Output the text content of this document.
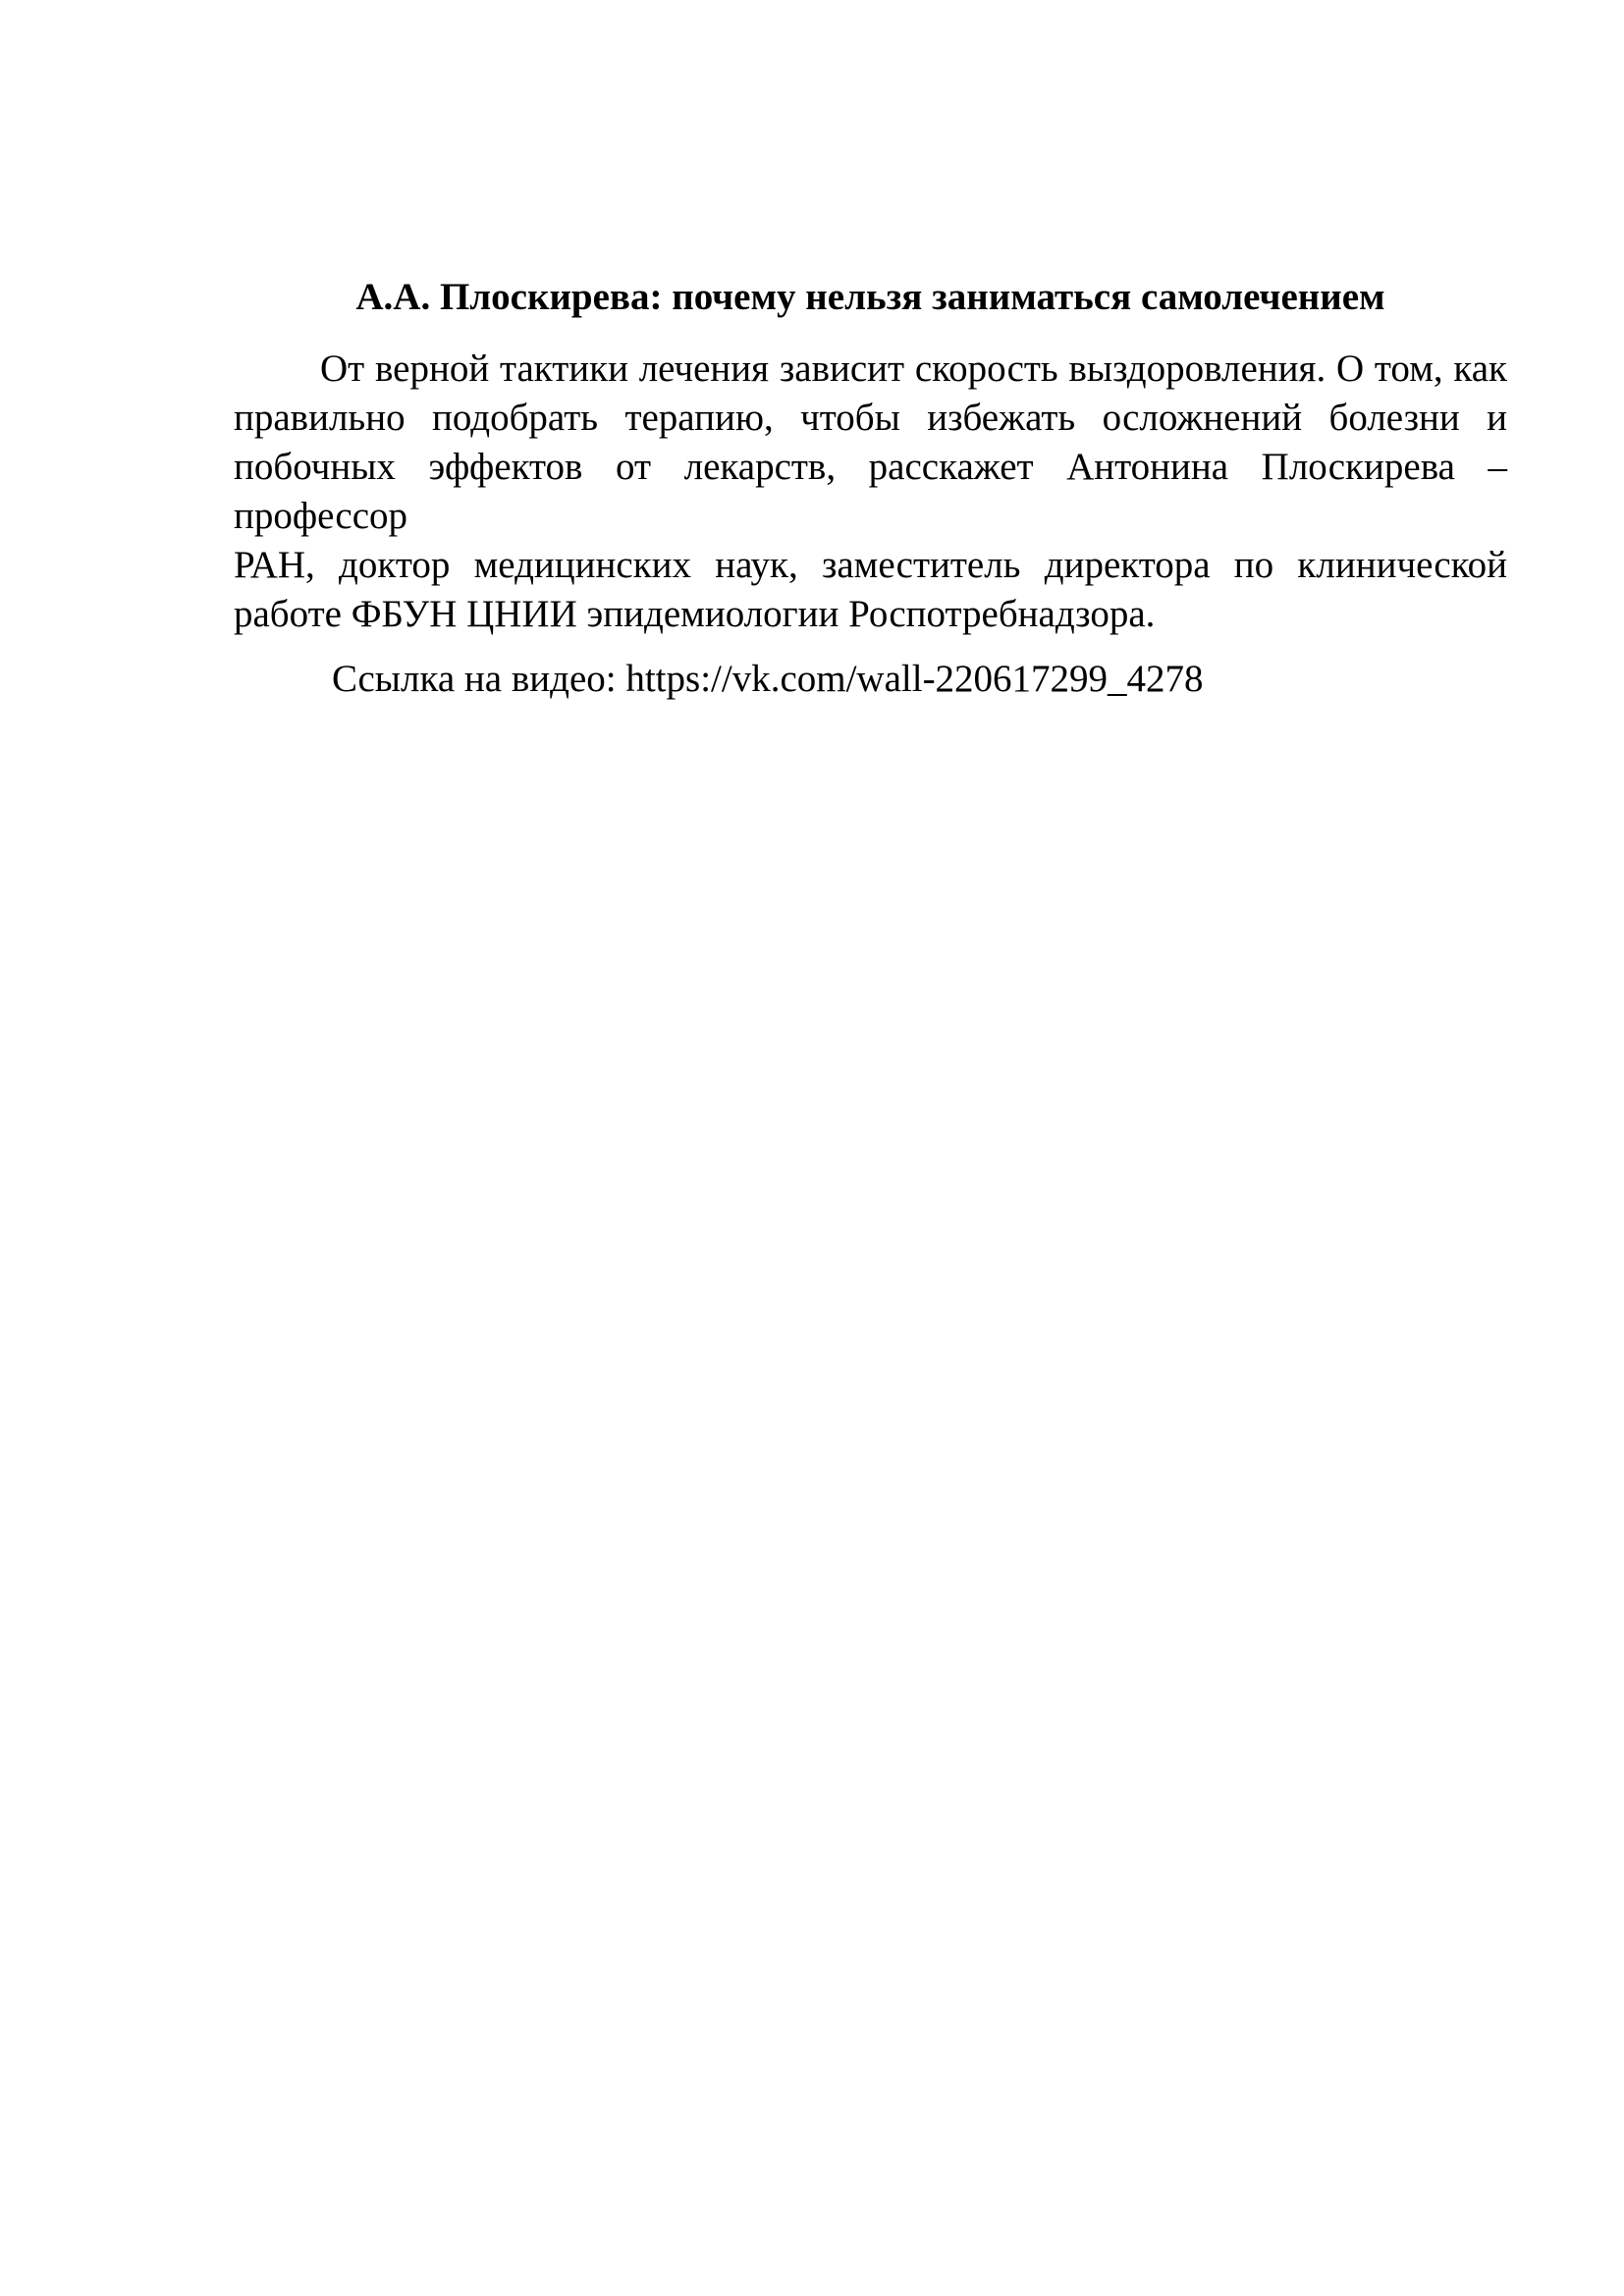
А.А. Плоскирева: почему нельзя заниматься самолечением
От верной тактики лечения зависит скорость выздоровления. О том, как
правильно подобрать терапию, чтобы избежать осложнений болезни и
побочных эффектов от лекарств, расскажет Антонина Плоскирева – профессор
РАН, доктор медицинских наук, заместитель директора по клинической
работе ФБУН ЦНИИ эпидемиологии Роспотребнадзора.

Ссылка на видео: https://vk.com/wall-220617299_4278
